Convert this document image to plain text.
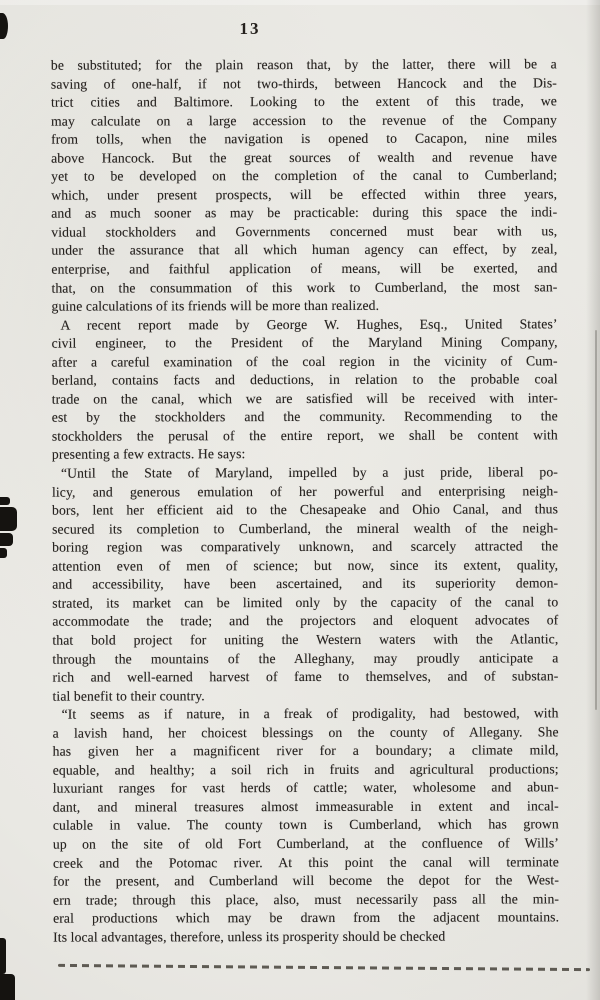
13
be substituted; for the plain reason that, by the latter, there will be a
saving of one-half, if not two-thirds, between Hancock and the Dis-
trict cities and Baltimore. Looking to the extent of this trade, we
may calculate on a large accession to the revenue of the Company
from tolls, when the navigation is opened to Cacapon, nine miles
above Hancock. But the great sources of wealth and revenue have
yet to be developed on the completion of the canal to Cumberland;
which, under present prospects, will be effected within three years,
and as much sooner as may be practicable: during this space the indi-
vidual stockholders and Governments concerned must bear with us,
under the assurance that all which human agency can effect, by zeal,
enterprise, and faithful application of means, will be exerted, and
that, on the consummation of this work to Cumberland, the most san-
guine calculations of its friends will be more than realized.
A recent report made by George W. Hughes, Esq., United States’
civil engineer, to the President of the Maryland Mining Company,
after a careful examination of the coal region in the vicinity of Cum-
berland, contains facts and deductions, in relation to the probable coal
trade on the canal, which we are satisfied will be received with inter-
est by the stockholders and the community. Recommending to the
stockholders the perusal of the entire report, we shall be content with
presenting a few extracts. He says:
“Until the State of Maryland, impelled by a just pride, liberal po-
licy, and generous emulation of her powerful and enterprising neigh-
bors, lent her efficient aid to the Chesapeake and Ohio Canal, and thus
secured its completion to Cumberland, the mineral wealth of the neigh-
boring region was comparatively unknown, and scarcely attracted the
attention even of men of science; but now, since its extent, quality,
and accessibility, have been ascertained, and its superiority demon-
strated, its market can be limited only by the capacity of the canal to
accommodate the trade; and the projectors and eloquent advocates of
that bold project for uniting the Western waters with the Atlantic,
through the mountains of the Alleghany, may proudly anticipate a
rich and well-earned harvest of fame to themselves, and of substan-
tial benefit to their country.
“It seems as if nature, in a freak of prodigality, had bestowed, with
a lavish hand, her choicest blessings on the county of Allegany. She
has given her a magnificent river for a boundary; a climate mild,
equable, and healthy; a soil rich in fruits and agricultural productions;
luxuriant ranges for vast herds of cattle; water, wholesome and abun-
dant, and mineral treasures almost immeasurable in extent and incal-
culable in value. The county town is Cumberland, which has grown
up on the site of old Fort Cumberland, at the confluence of Wills’
creek and the Potomac river. At this point the canal will terminate
for the present, and Cumberland will become the depot for the West-
ern trade; through this place, also, must necessarily pass all the min-
eral productions which may be drawn from the adjacent mountains.
Its local advantages, therefore, unless its prosperity should be checked
